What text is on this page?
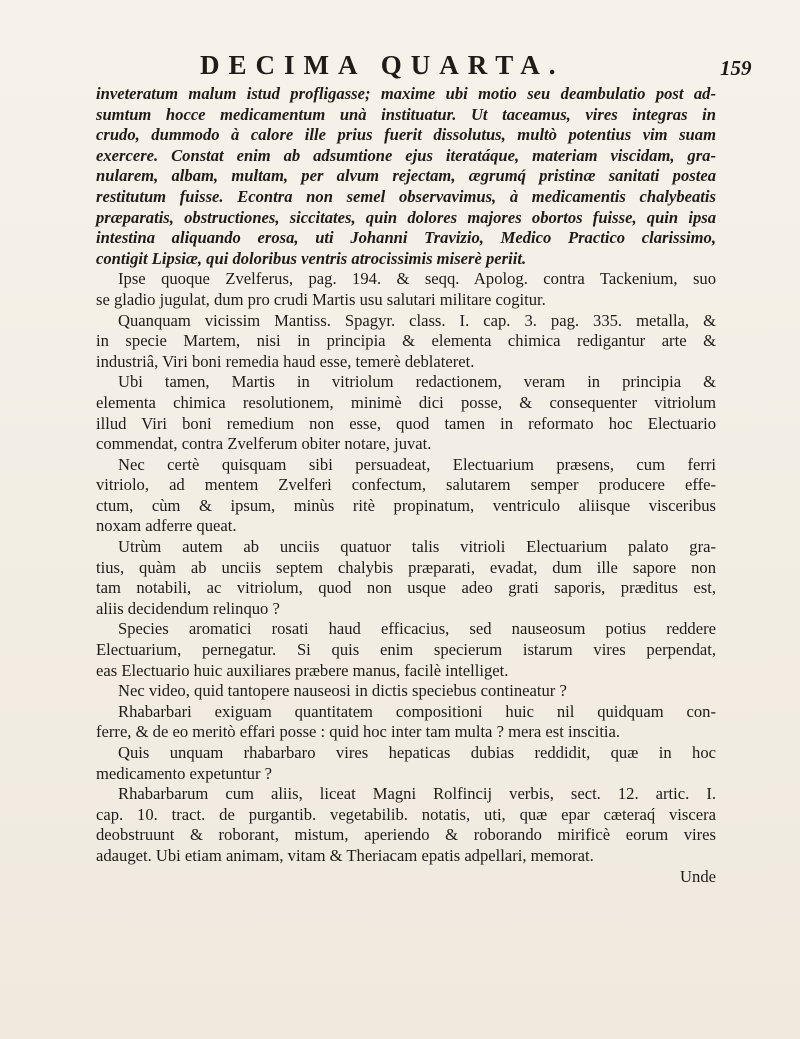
DECIMA QUARTA.	159
inveteratum malum istud profligasse; maxime ubi motio seu deambulatio post ad-
sumtum hocce medicamentum unà instituatur. Ut taceamus, vires integras in
crudo, dummodo à calore ille prius fuerit dissolutus, multò potentius vim suam
exercere. Constat enim ab adsumtione ejus iteratáque, materiam viscidam, gra-
nularem, albam, multam, per alvum rejectam, ægrumq́ pristinæ sanitati postea
restitutum fuisse. Econtra non semel observavimus, à medicamentis chalybeatis
præparatis, obstructiones, siccitates, quin dolores majores obortos fuisse, quin ipsa
intestina aliquando erosa, uti Johanni Travizio, Medico Practico clarissimo,
contigit Lipsiæ, qui doloribus ventris atrocissimis miserè periit.
Ipse quoque Zvelferus, pag. 194. & seqq. Apolog. contra Tackenium, suo
se gladio jugulat, dum pro crudi Martis usu salutari militare cogitur.
Quanquam vicissim Mantiss. Spagyr. class. I. cap. 3. pag. 335. metalla, &
in specie Martem, nisi in principia & elementa chimica redigantur arte &
industriâ, Viri boni remedia haud esse, temerè deblateret.
Ubi tamen, Martis in vitriolum redactionem, veram in principia &
elementa chimica resolutionem, minimè dici posse, & consequenter vitriolum
illud Viri boni remedium non esse, quod tamen in reformato hoc Electuario
commendat, contra Zvelferum obiter notare, juvat.
Nec certè quisquam sibi persuadeat, Electuarium præsens, cum ferri
vitriolo, ad mentem Zvelferi confectum, salutarem semper producere effe-
ctum, cùm & ipsum, minùs ritè propinatum, ventriculo aliisque visceribus
noxam adferre queat.
Utrùm autem ab unciis quatuor talis vitrioli Electuarium palato gra-
tius, quàm ab unciis septem chalybis præparati, evadat, dum ille sapore non
tam notabili, ac vitriolum, quod non usque adeo grati saporis, præditus est,
aliis decidendum relinquo ?
Species aromatici rosati haud efficacius, sed nauseosum potius reddere
Electuarium, pernegatur. Si quis enim specierum istarum vires perpendat,
eas Electuario huic auxiliares præbere manus, facilè intelliget.
Nec video, quid tantopere nauseosi in dictis speciebus contineatur ?
Rhabarbari exiguam quantitatem compositioni huic nil quidquam con-
ferre, & de eo meritò effari posse : quid hoc inter tam multa ? mera est inscitia.
Quis unquam rhabarbaro vires hepaticas dubias reddidit, quæ in hoc
medicamento expetuntur ?
Rhabarbarum cum aliis, liceat Magni Rolfincij verbis, sect. 12. artic. I.
cap. 10. tract. de purgantib. vegetabilib. notatis, uti, quæ epar cæteraq́ viscera
deobstruunt & roborant, mistum, aperiendo & roborando mirificè eorum vires
adauget. Ubi etiam animam, vitam & Theriacam epatis adpellari, memorat.
Unde
